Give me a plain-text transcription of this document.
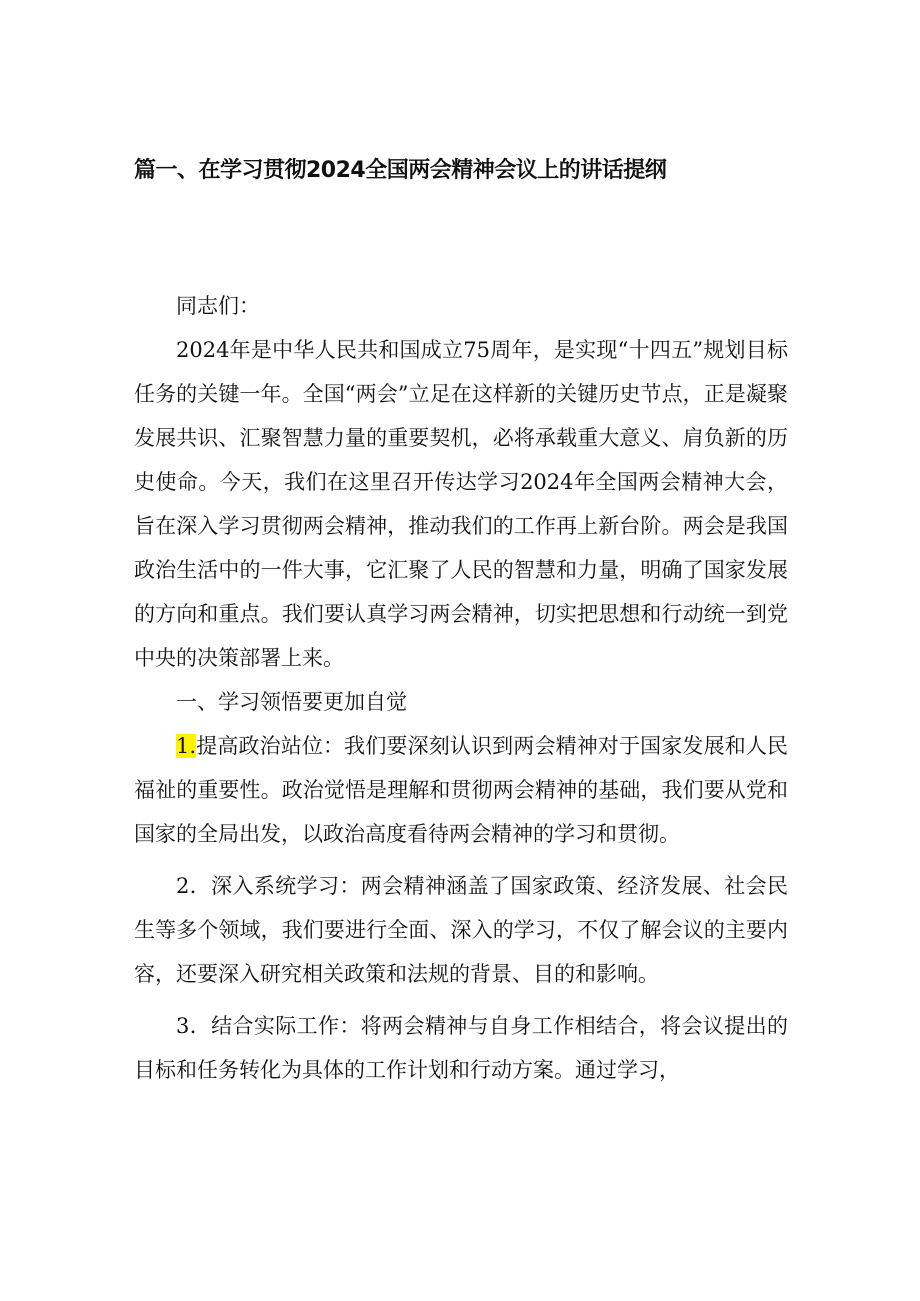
篇一、在学习贯彻2024全国两会精神会议上的讲话提纲

同志们：

2024年是中华人民共和国成立75周年，是实现“十四五”规划目标任务的关键一年。全国“两会”立足在这样新的关键历史节点，正是凝聚发展共识、汇聚智慧力量的重要契机，必将承载重大意义、肩负新的历史使命。今天，我们在这里召开传达学习2024年全国两会精神大会，旨在深入学习贯彻两会精神，推动我们的工作再上新台阶。两会是我国政治生活中的一件大事，它汇聚了人民的智慧和力量，明确了国家发展的方向和重点。我们要认真学习两会精神，切实把思想和行动统一到党中央的决策部署上来。

一、学习领悟要更加自觉

1.提高政治站位：我们要深刻认识到两会精神对于国家发展和人民福祉的重要性。政治觉悟是理解和贯彻两会精神的基础，我们要从党和国家的全局出发，以政治高度看待两会精神的学习和贯彻。

2．深入系统学习：两会精神涵盖了国家政策、经济发展、社会民生等多个领域，我们要进行全面、深入的学习，不仅了解会议的主要内容，还要深入研究相关政策和法规的背景、目的和影响。

3．结合实际工作：将两会精神与自身工作相结合，将会议提出的目标和任务转化为具体的工作计划和行动方案。通过学习，
